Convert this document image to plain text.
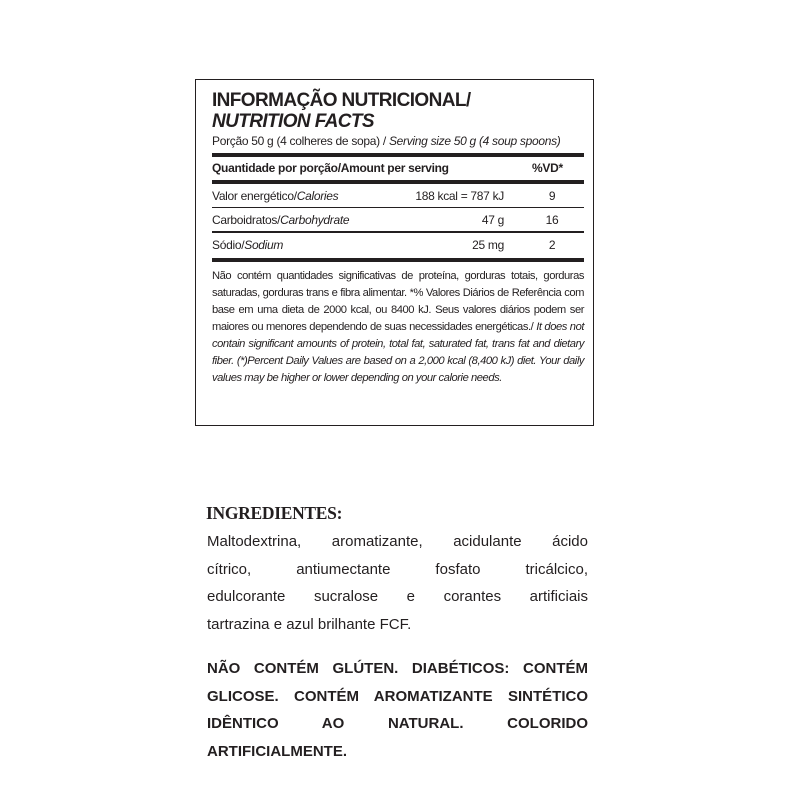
INFORMAÇÃO NUTRICIONAL/
NUTRITION FACTS
Porção 50 g (4 colheres de sopa) / Serving size 50 g (4 soup spoons)
Quantidade por porção/Amount per serving	%VD*
Valor energético/Calories	188 kcal = 787 kJ	9
Carboidratos/Carbohydrate	47 g	16
Sódio/Sodium	25 mg	2
Não contém quantidades significativas de proteína, gorduras totais, gorduras saturadas, gorduras trans e fibra alimentar. *% Valores Diários de Referência com base em uma dieta de 2000 kcal, ou 8400 kJ. Seus valores diários podem ser maiores ou menores dependendo de suas necessidades energéticas./ It does not contain significant amounts of protein, total fat, saturated fat, trans fat and dietary fiber. (*)Percent Daily Values are based on a 2,000 kcal (8,400 kJ) diet. Your daily values may be higher or lower depending on your calorie needs.
INGREDIENTES:
Maltodextrina, aromatizante, acidulante ácido
cítrico, antiumectante fosfato tricálcico,
edulcorante sucralose e corantes artificiais
tartrazina e azul brilhante FCF.
NÃO CONTÉM GLÚTEN. DIABÉTICOS: CONTÉM
GLICOSE. CONTÉM AROMATIZANTE SINTÉTICO
IDÊNTICO AO NATURAL. COLORIDO
ARTIFICIALMENTE.
